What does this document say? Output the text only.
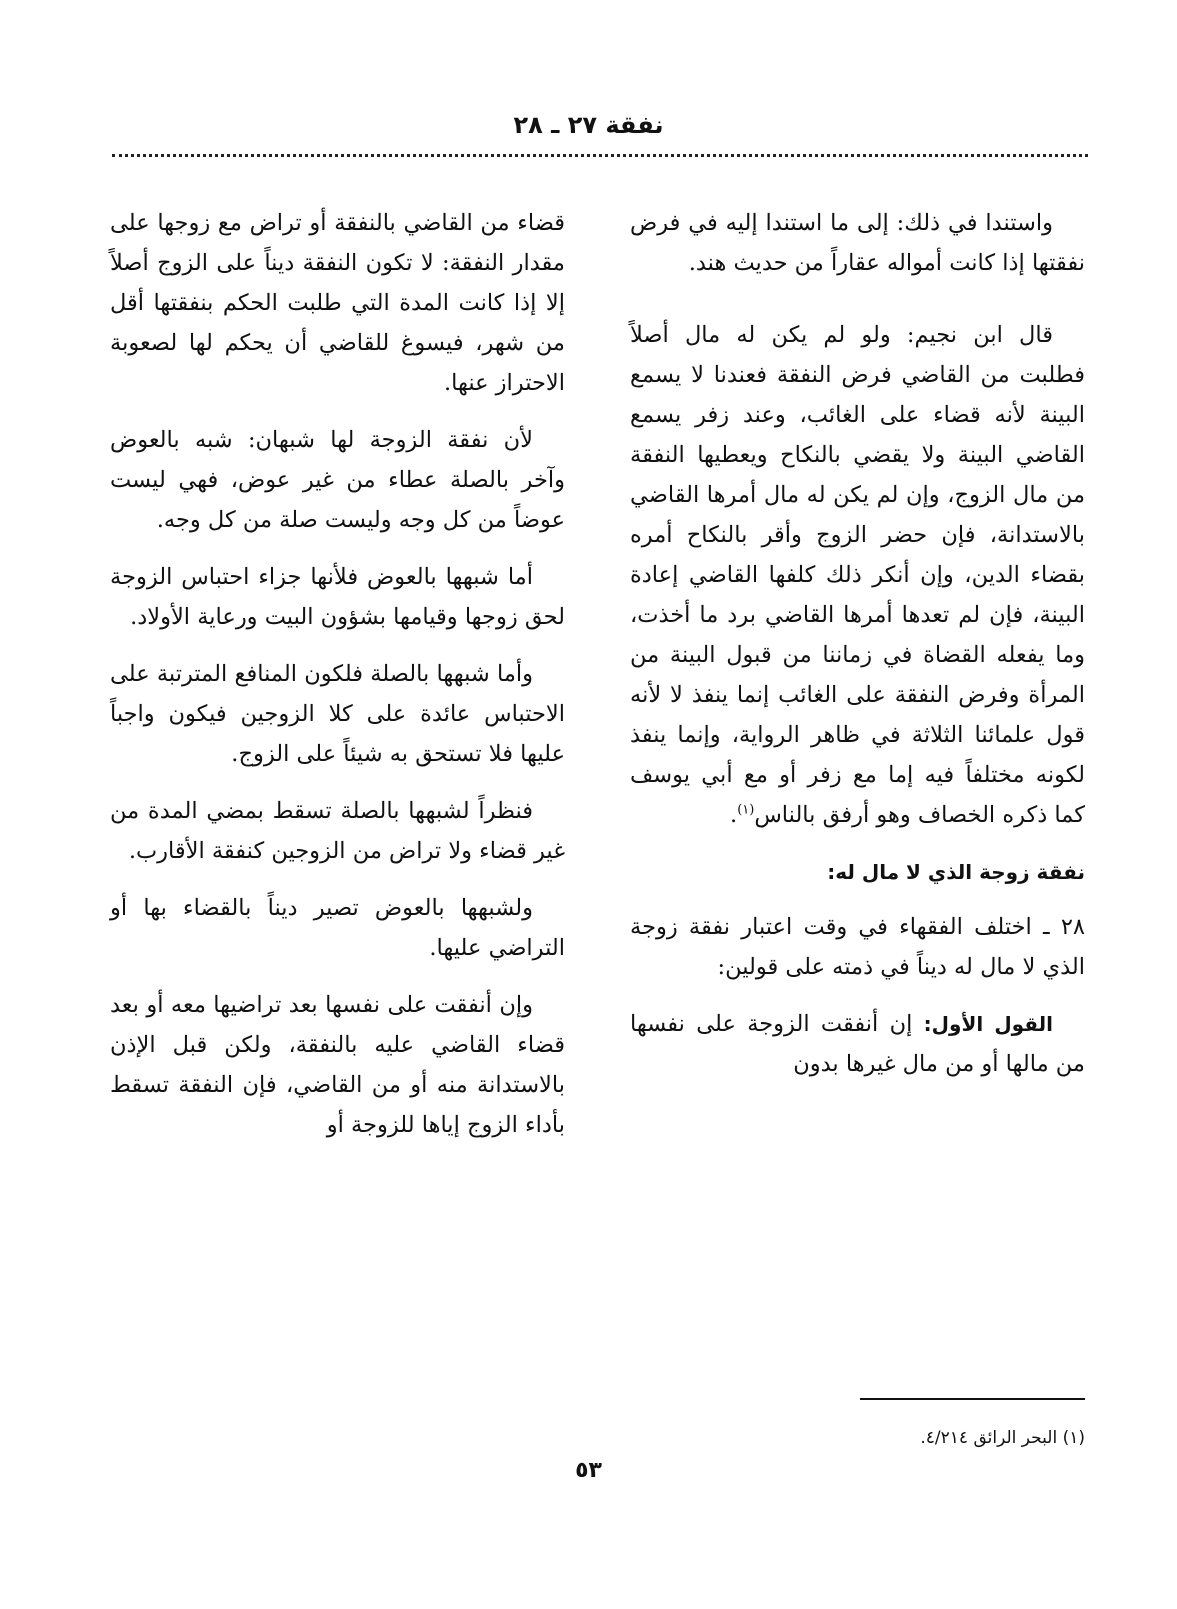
نفقة ٢٧ ـ ٢٨

واستندا في ذلك: إلى ما استندا إليه في فرض نفقتها إذا كانت أمواله عقاراً من حديث هند.

قال ابن نجيم: ولو لم يكن له مال أصلاً فطلبت من القاضي فرض النفقة فعندنا لا يسمع البينة لأنه قضاء على الغائب، وعند زفر يسمع القاضي البينة ولا يقضي بالنكاح ويعطيها النفقة من مال الزوج، وإن لم يكن له مال أمرها القاضي بالاستدانة، فإن حضر الزوج وأقر بالنكاح أمره بقضاء الدين، وإن أنكر ذلك كلفها القاضي إعادة البينة، فإن لم تعدها أمرها القاضي برد ما أخذت، وما يفعله القضاة في زماننا من قبول البينة من المرأة وفرض النفقة على الغائب إنما ينفذ لا لأنه قول علمائنا الثلاثة في ظاهر الرواية، وإنما ينفذ لكونه مختلفاً فيه إما مع زفر أو مع أبي يوسف كما ذكره الخصاف وهو أرفق بالناس$^{(١)}$.

نفقة زوجة الذي لا مال له:

٢٨ ـ اختلف الفقهاء في وقت اعتبار نفقة زوجة الذي لا مال له ديناً في ذمته على قولين:

القول الأول: إن أنفقت الزوجة على نفسها من مالها أو من مال غيرها بدون

قضاء من القاضي بالنفقة أو تراض مع زوجها على مقدار النفقة: لا تكون النفقة ديناً على الزوج أصلاً إلا إذا كانت المدة التي طلبت الحكم بنفقتها أقل من شهر، فيسوغ للقاضي أن يحكم لها لصعوبة الاحتراز عنها.

لأن نفقة الزوجة لها شبهان: شبه بالعوض وآخر بالصلة عطاء من غير عوض، فهي ليست عوضاً من كل وجه وليست صلة من كل وجه.

أما شبهها بالعوض فلأنها جزاء احتباس الزوجة لحق زوجها وقيامها بشؤون البيت ورعاية الأولاد.

وأما شبهها بالصلة فلكون المنافع المترتبة على الاحتباس عائدة على كلا الزوجين فيكون واجباً عليها فلا تستحق به شيئاً على الزوج.

فنظراً لشبهها بالصلة تسقط بمضي المدة من غير قضاء ولا تراض من الزوجين كنفقة الأقارب.

ولشبهها بالعوض تصير ديناً بالقضاء بها أو التراضي عليها.

وإن أنفقت على نفسها بعد تراضيها معه أو بعد قضاء القاضي عليه بالنفقة، ولكن قبل الإذن بالاستدانة منه أو من القاضي، فإن النفقة تسقط بأداء الزوج إياها للزوجة أو

(١) البحر الرائق ٤/٢١٤.
٥٣
